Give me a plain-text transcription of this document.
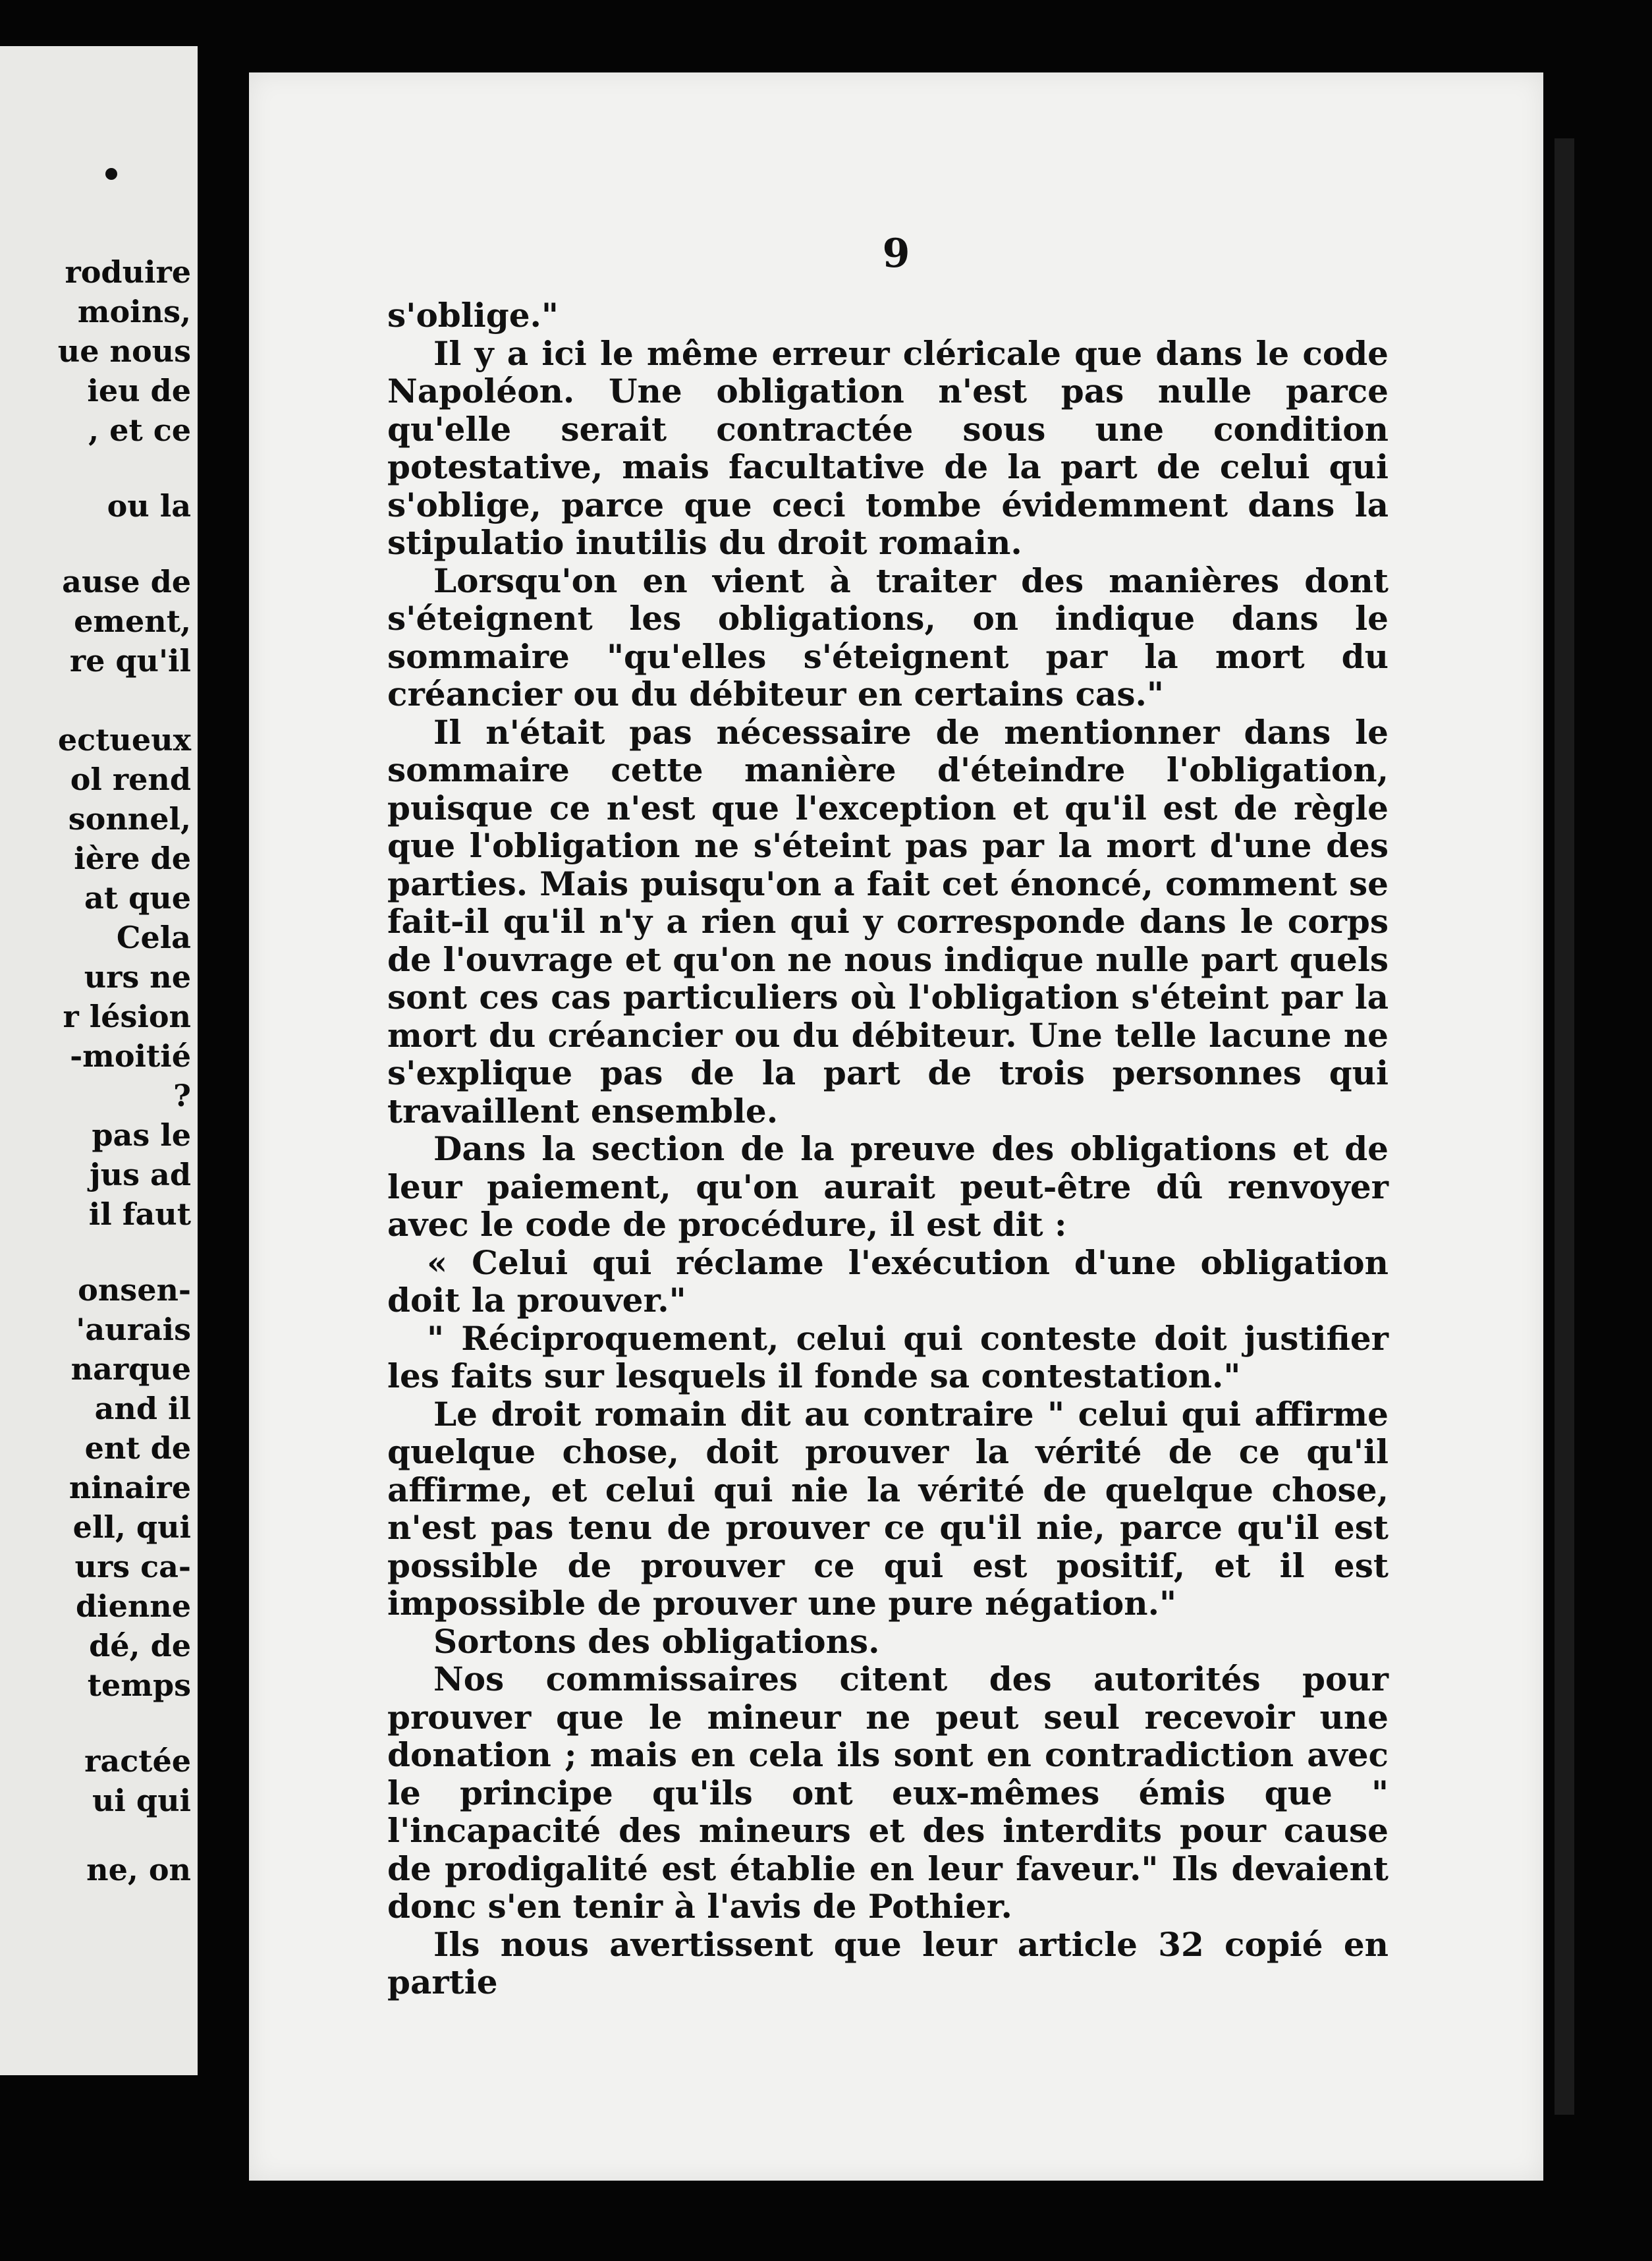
roduire
moins,
ue nous
ieu de
, et ce
ou la
ause de
ement,
re qu'il
ectueux
ol rend
sonnel,
ière de
at que
Cela
urs ne
r lésion
-moitié
?
pas le
jus ad
il faut
onsen-
'aurais
narque
and il
ent de
ninaire
ell, qui
urs ca-
dienne
dé, de
temps
ractée
ui qui
ne, on
9

s'oblige."

Il y a ici le même erreur cléricale que dans le code Napoléon. Une obligation n'est pas nulle parce qu'elle serait contractée sous une condition potestative, mais facultative de la part de celui qui s'oblige, parce que ceci tombe évidemment dans la stipulatio inutilis du droit romain.

Lorsqu'on en vient à traiter des manières dont s'éteignent les obligations, on indique dans le sommaire "qu'elles s'éteignent par la mort du créancier ou du débiteur en certains cas."

Il n'était pas nécessaire de mentionner dans le sommaire cette manière d'éteindre l'obligation, puisque ce n'est que l'exception et qu'il est de règle que l'obligation ne s'éteint pas par la mort d'une des parties. Mais puisqu'on a fait cet énoncé, comment se fait-il qu'il n'y a rien qui y corresponde dans le corps de l'ouvrage et qu'on ne nous indique nulle part quels sont ces cas particuliers où l'obligation s'éteint par la mort du créancier ou du débiteur. Une telle lacune ne s'explique pas de la part de trois personnes qui travaillent ensemble.

Dans la section de la preuve des obligations et de leur paiement, qu'on aurait peut-être dû renvoyer avec le code de procédure, il est dit :

« Celui qui réclame l'exécution d'une obligation doit la prouver."

" Réciproquement, celui qui conteste doit justifier les faits sur lesquels il fonde sa contestation."

Le droit romain dit au contraire " celui qui affirme quelque chose, doit prouver la vérité de ce qu'il affirme, et celui qui nie la vérité de quelque chose, n'est pas tenu de prouver ce qu'il nie, parce qu'il est possible de prouver ce qui est positif, et il est impossible de prouver une pure négation."

Sortons des obligations.

Nos commissaires citent des autorités pour prouver que le mineur ne peut seul recevoir une donation ; mais en cela ils sont en contradiction avec le principe qu'ils ont eux-mêmes émis que " l'incapacité des mineurs et des interdits pour cause de prodigalité est établie en leur faveur." Ils devaient donc s'en tenir à l'avis de Pothier.

Ils nous avertissent que leur article 32 copié en partie
